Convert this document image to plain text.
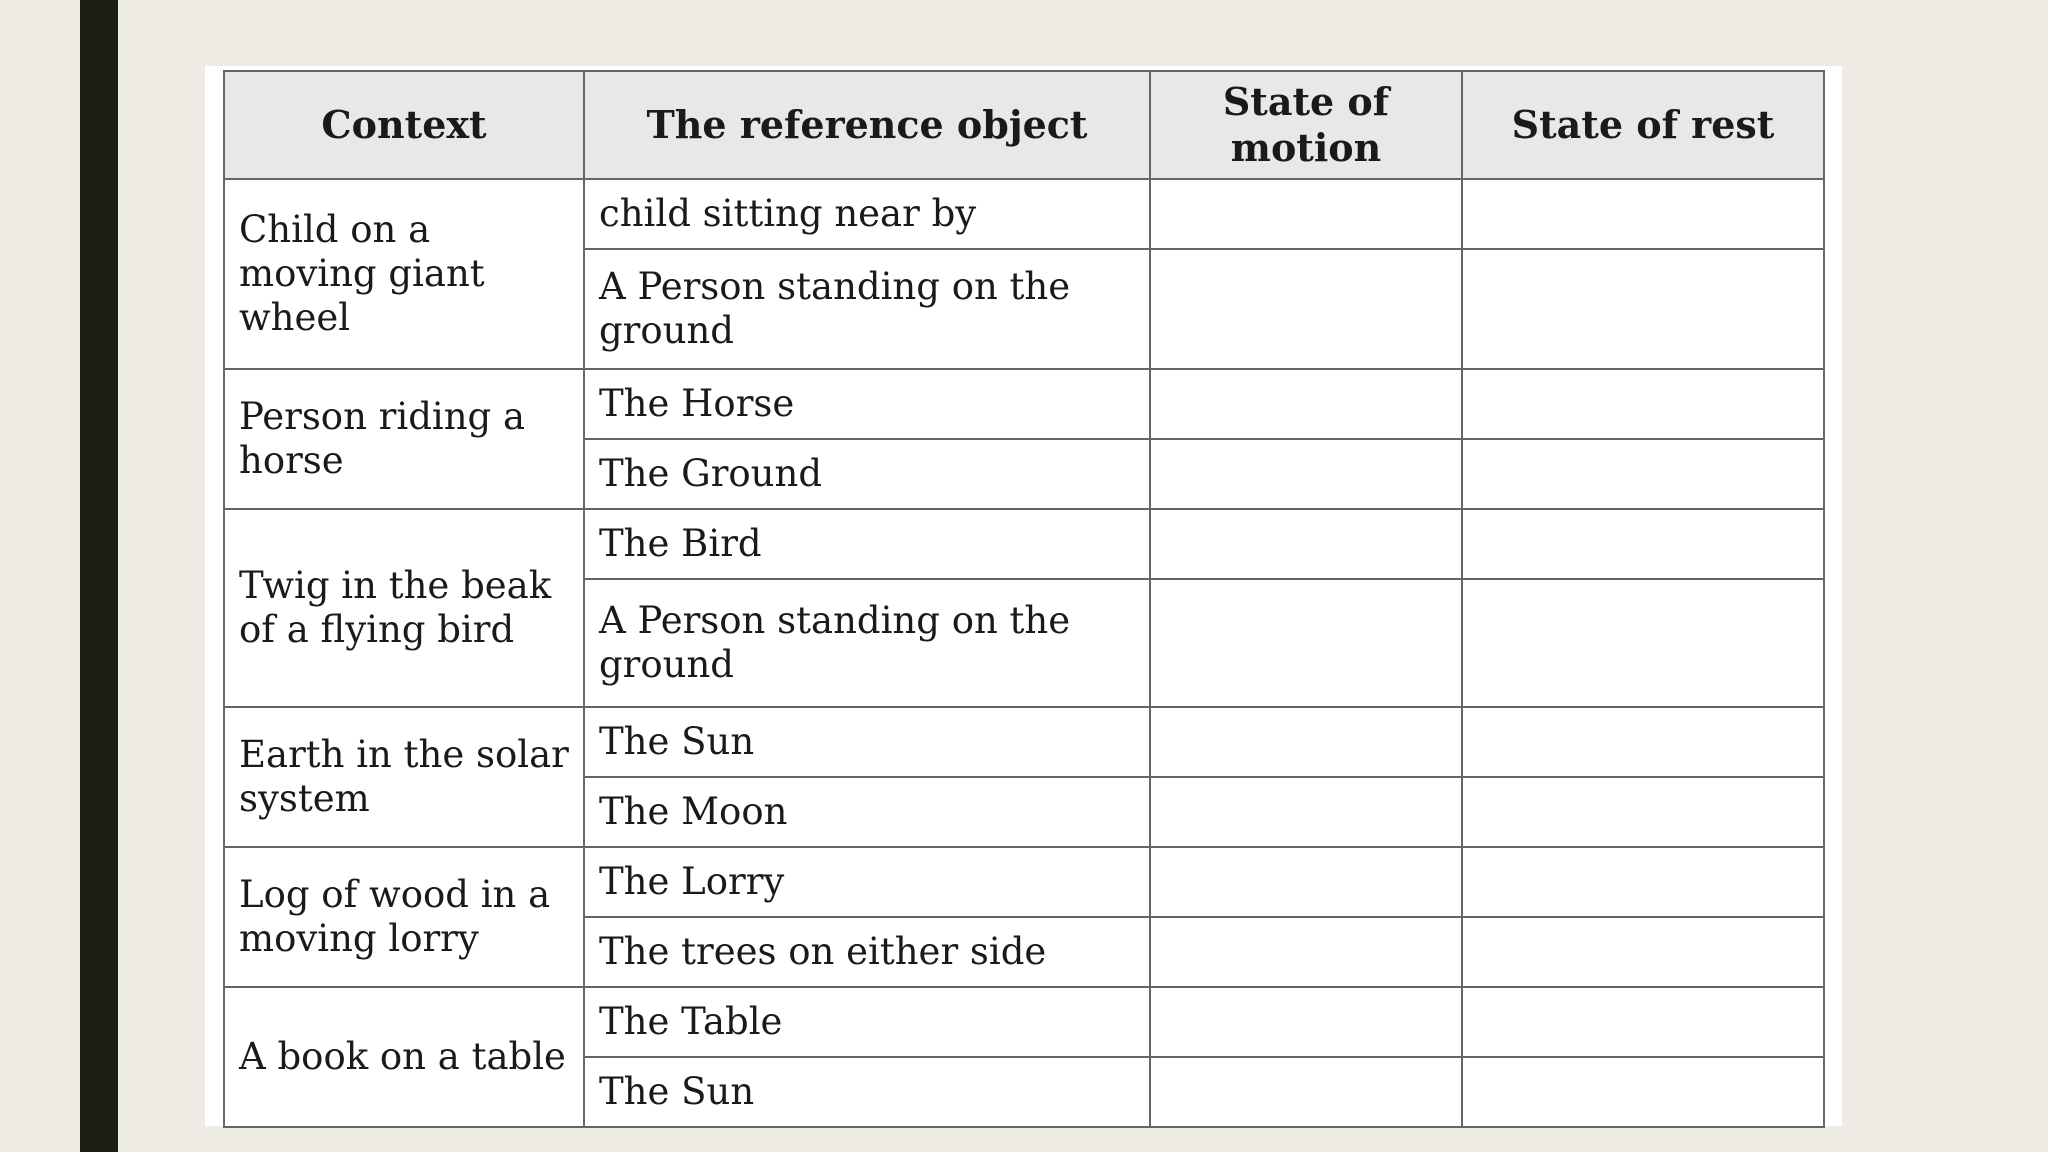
Context	The reference object	State of motion	State of rest
Child on a moving giant wheel	child sitting near by		
	A Person standing on the ground		
Person riding a horse	The Horse		
	The Ground		
Twig in the beak of a flying bird	The Bird		
	A Person standing on the ground		
Earth in the solar system	The Sun		
	The Moon		
Log of wood in a moving lorry	The Lorry		
	The trees on either side		
A book on a table	The Table		
	The Sun		
